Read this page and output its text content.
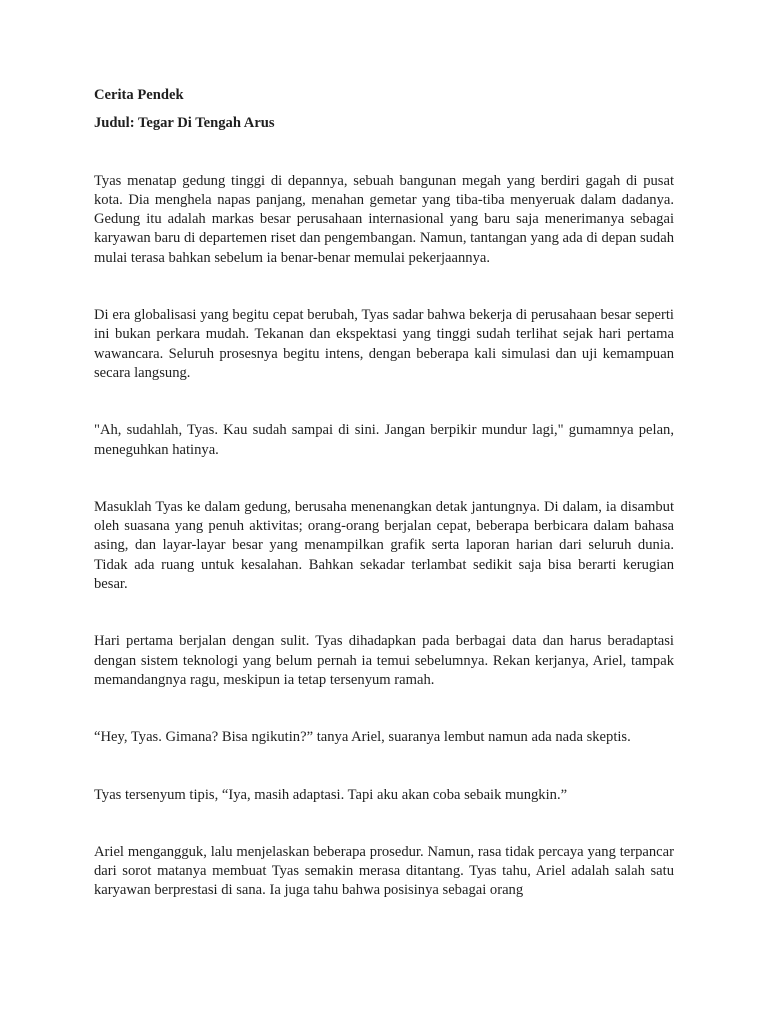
Cerita Pendek

Judul: Tegar Di Tengah Arus

Tyas menatap gedung tinggi di depannya, sebuah bangunan megah yang berdiri gagah di pusat kota. Dia menghela napas panjang, menahan gemetar yang tiba-tiba menyeruak dalam dadanya. Gedung itu adalah markas besar perusahaan internasional yang baru saja menerimanya sebagai karyawan baru di departemen riset dan pengembangan. Namun, tantangan yang ada di depan sudah mulai terasa bahkan sebelum ia benar-benar memulai pekerjaannya.

Di era globalisasi yang begitu cepat berubah, Tyas sadar bahwa bekerja di perusahaan besar seperti ini bukan perkara mudah. Tekanan dan ekspektasi yang tinggi sudah terlihat sejak hari pertama wawancara. Seluruh prosesnya begitu intens, dengan beberapa kali simulasi dan uji kemampuan secara langsung.

"Ah, sudahlah, Tyas. Kau sudah sampai di sini. Jangan berpikir mundur lagi," gumamnya pelan, meneguhkan hatinya.

Masuklah Tyas ke dalam gedung, berusaha menenangkan detak jantungnya. Di dalam, ia disambut oleh suasana yang penuh aktivitas; orang-orang berjalan cepat, beberapa berbicara dalam bahasa asing, dan layar-layar besar yang menampilkan grafik serta laporan harian dari seluruh dunia. Tidak ada ruang untuk kesalahan. Bahkan sekadar terlambat sedikit saja bisa berarti kerugian besar.

Hari pertama berjalan dengan sulit. Tyas dihadapkan pada berbagai data dan harus beradaptasi dengan sistem teknologi yang belum pernah ia temui sebelumnya. Rekan kerjanya, Ariel, tampak memandangnya ragu, meskipun ia tetap tersenyum ramah.

“Hey, Tyas. Gimana? Bisa ngikutin?” tanya Ariel, suaranya lembut namun ada nada skeptis.

Tyas tersenyum tipis, “Iya, masih adaptasi. Tapi aku akan coba sebaik mungkin.”

Ariel mengangguk, lalu menjelaskan beberapa prosedur. Namun, rasa tidak percaya yang terpancar dari sorot matanya membuat Tyas semakin merasa ditantang. Tyas tahu, Ariel adalah salah satu karyawan berprestasi di sana. Ia juga tahu bahwa posisinya sebagai orang
